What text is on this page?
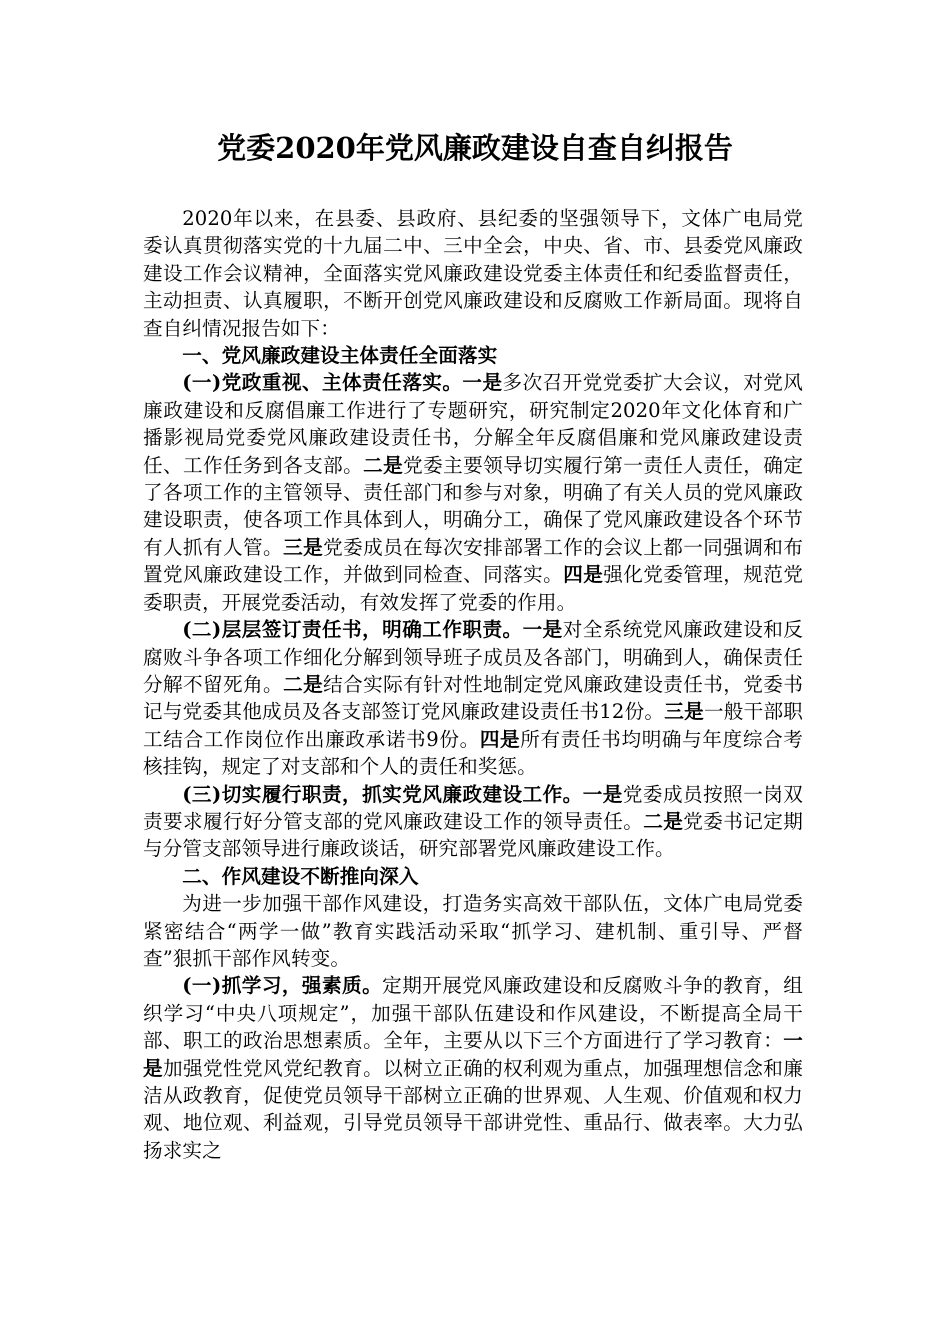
党委2020年党风廉政建设自查自纠报告

2020年以来，在县委、县政府、县纪委的坚强领导下，文体广电局党委认真贯彻落实党的十九届二中、三中全会，中央、省、市、县委党风廉政建设工作会议精神，全面落实党风廉政建设党委主体责任和纪委监督责任，主动担责、认真履职，不断开创党风廉政建设和反腐败工作新局面。现将自查自纠情况报告如下：

一、党风廉政建设主体责任全面落实

(一)党政重视、主体责任落实。一是多次召开党党委扩大会议，对党风廉政建设和反腐倡廉工作进行了专题研究，研究制定2020年文化体育和广播影视局党委党风廉政建设责任书，分解全年反腐倡廉和党风廉政建设责任、工作任务到各支部。二是党委主要领导切实履行第一责任人责任，确定了各项工作的主管领导、责任部门和参与对象，明确了有关人员的党风廉政建设职责，使各项工作具体到人，明确分工，确保了党风廉政建设各个环节有人抓有人管。三是党委成员在每次安排部署工作的会议上都一同强调和布置党风廉政建设工作，并做到同检查、同落实。四是强化党委管理，规范党委职责，开展党委活动，有效发挥了党委的作用。

(二)层层签订责任书，明确工作职责。一是对全系统党风廉政建设和反腐败斗争各项工作细化分解到领导班子成员及各部门，明确到人，确保责任分解不留死角。二是结合实际有针对性地制定党风廉政建设责任书，党委书记与党委其他成员及各支部签订党风廉政建设责任书12份。三是一般干部职工结合工作岗位作出廉政承诺书9份。四是所有责任书均明确与年度综合考核挂钩，规定了对支部和个人的责任和奖惩。

(三)切实履行职责，抓实党风廉政建设工作。一是党委成员按照一岗双责要求履行好分管支部的党风廉政建设工作的领导责任。二是党委书记定期与分管支部领导进行廉政谈话，研究部署党风廉政建设工作。

二、作风建设不断推向深入

为进一步加强干部作风建设，打造务实高效干部队伍，文体广电局党委紧密结合“两学一做”教育实践活动采取“抓学习、建机制、重引导、严督查”狠抓干部作风转变。

(一)抓学习，强素质。定期开展党风廉政建设和反腐败斗争的教育，组织学习“中央八项规定”，加强干部队伍建设和作风建设，不断提高全局干部、职工的政治思想素质。全年，主要从以下三个方面进行了学习教育：一是加强党性党风党纪教育。以树立正确的权利观为重点，加强理想信念和廉洁从政教育，促使党员领导干部树立正确的世界观、人生观、价值观和权力观、地位观、利益观，引导党员领导干部讲党性、重品行、做表率。大力弘扬求实之
